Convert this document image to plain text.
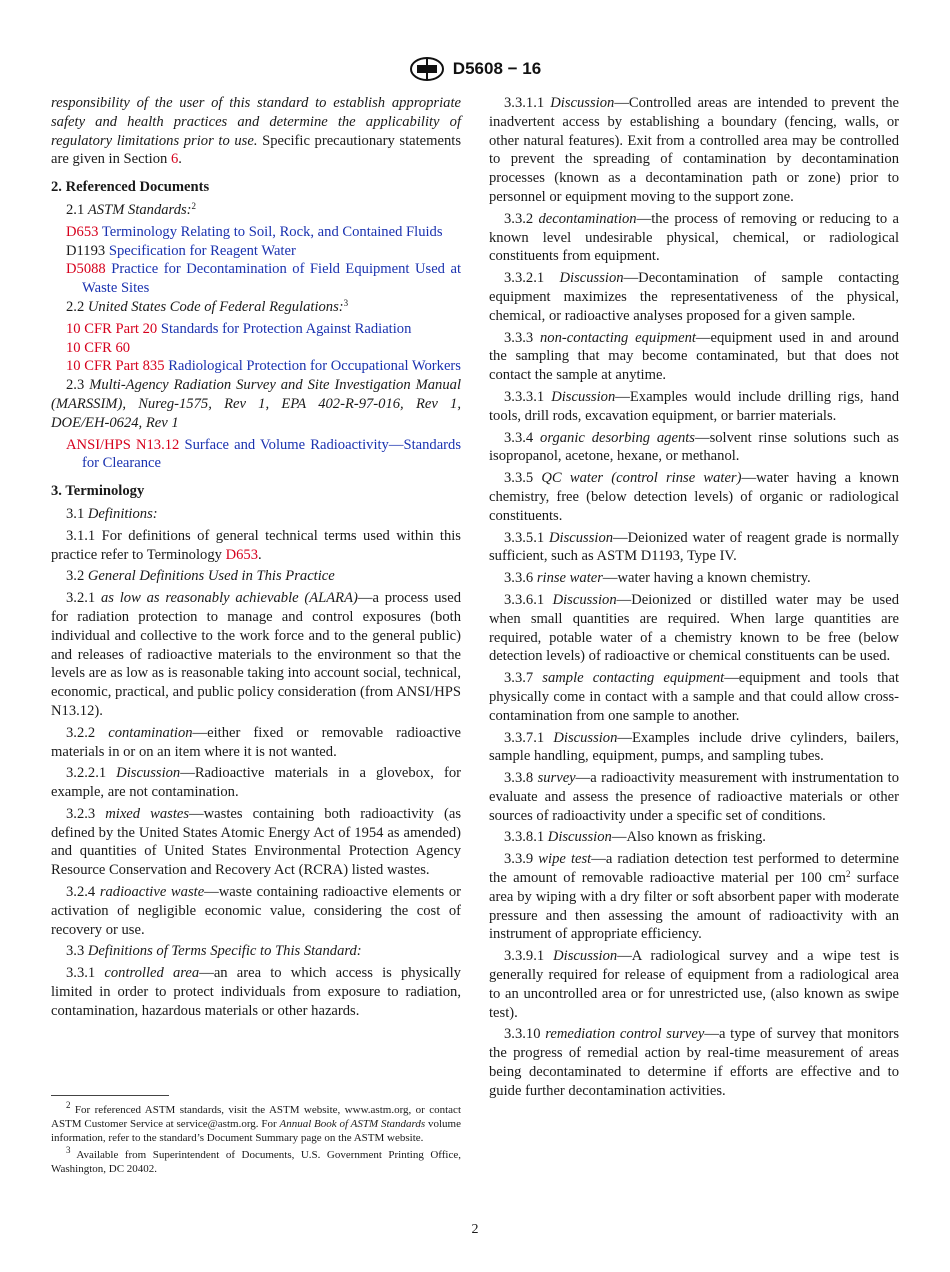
D5608 − 16

responsibility of the user of this standard to establish appropriate safety and health practices and determine the applicability of regulatory limitations prior to use. Specific precautionary statements are given in Section 6.

2. Referenced Documents

2.1 ASTM Standards:$^2$

D653 Terminology Relating to Soil, Rock, and Contained Fluids

D1193 Specification for Reagent Water

D5088 Practice for Decontamination of Field Equipment Used at Waste Sites

2.2 United States Code of Federal Regulations:$^3$

10 CFR Part 20 Standards for Protection Against Radiation

10 CFR 60

10 CFR Part 835 Radiological Protection for Occupational Workers

2.3 Multi-Agency Radiation Survey and Site Investigation Manual (MARSSIM), Nureg-1575, Rev 1, EPA 402-R-97-016, Rev 1, DOE/EH-0624, Rev 1

ANSI/HPS N13.12 Surface and Volume Radioactivity—Standards for Clearance

3. Terminology

3.1 Definitions:

3.1.1 For definitions of general technical terms used within this practice refer to Terminology D653.

3.2 General Definitions Used in This Practice

3.2.1 as low as reasonably achievable (ALARA)—a process used for radiation protection to manage and control exposures (both individual and collective to the work force and to the general public) and releases of radioactive materials to the environment so that the levels are as low as is reasonable taking into account social, technical, economic, practical, and public policy consideration (from ANSI/HPS N13.12).

3.2.2 contamination—either fixed or removable radioactive materials in or on an item where it is not wanted.

3.2.2.1 Discussion—Radioactive materials in a glovebox, for example, are not contamination.

3.2.3 mixed wastes—wastes containing both radioactivity (as defined by the United States Atomic Energy Act of 1954 as amended) and quantities of United States Environmental Protection Agency Resource Conservation and Recovery Act (RCRA) listed wastes.

3.2.4 radioactive waste—waste containing radioactive elements or activation of negligible economic value, considering the cost of recovery or use.

3.3 Definitions of Terms Specific to This Standard:

3.3.1 controlled area—an area to which access is physically limited in order to protect individuals from exposure to radiation, contamination, hazardous materials or other hazards.

$^2$ For referenced ASTM standards, visit the ASTM website, www.astm.org, or contact ASTM Customer Service at service@astm.org. For Annual Book of ASTM Standards volume information, refer to the standard’s Document Summary page on the ASTM website.

$^3$ Available from Superintendent of Documents, U.S. Government Printing Office, Washington, DC 20402.

3.3.1.1 Discussion—Controlled areas are intended to prevent the inadvertent access by establishing a boundary (fencing, walls, or other natural features). Exit from a controlled area may be controlled to prevent the spreading of contamination by decontamination processes (known as a decontamination path or zone) prior to personnel or equipment moving to the support zone.

3.3.2 decontamination—the process of removing or reducing to a known level undesirable physical, chemical, or radiological constituents from equipment.

3.3.2.1 Discussion—Decontamination of sample contacting equipment maximizes the representativeness of the physical, chemical, or radioactive analyses proposed for a given sample.

3.3.3 non-contacting equipment—equipment used in and around the sampling that may become contaminated, but that does not contact the sample at anytime.

3.3.3.1 Discussion—Examples would include drilling rigs, hand tools, drill rods, excavation equipment, or barrier materials.

3.3.4 organic desorbing agents—solvent rinse solutions such as isopropanol, acetone, hexane, or methanol.

3.3.5 QC water (control rinse water)—water having a known chemistry, free (below detection levels) of organic or radiological constituents.

3.3.5.1 Discussion—Deionized water of reagent grade is normally sufficient, such as ASTM D1193, Type IV.

3.3.6 rinse water—water having a known chemistry.

3.3.6.1 Discussion—Deionized or distilled water may be used when small quantities are required. When large quantities are required, potable water of a chemistry known to be free (below detection levels) of radioactive or chemical constituents can be used.

3.3.7 sample contacting equipment—equipment and tools that physically come in contact with a sample and that could allow cross-contamination from one sample to another.

3.3.7.1 Discussion—Examples include drive cylinders, bailers, sample handling, equipment, pumps, and sampling tubes.

3.3.8 survey—a radioactivity measurement with instrumentation to evaluate and assess the presence of radioactive materials or other sources of radioactivity under a specific set of conditions.

3.3.8.1 Discussion—Also known as frisking.

3.3.9 wipe test—a radiation detection test performed to determine the amount of removable radioactive material per 100 $cm^2$ surface area by wiping with a dry filter or soft absorbent paper with moderate pressure and then assessing the amount of radioactivity with an instrument of appropriate efficiency.

3.3.9.1 Discussion—A radiological survey and a wipe test is generally required for release of equipment from a radiological area to an uncontrolled area or for unrestricted use, (also known as swipe test).

3.3.10 remediation control survey—a type of survey that monitors the progress of remedial action by real-time measurement of areas being decontaminated to determine if efforts are effective and to guide further decontamination activities.

2
